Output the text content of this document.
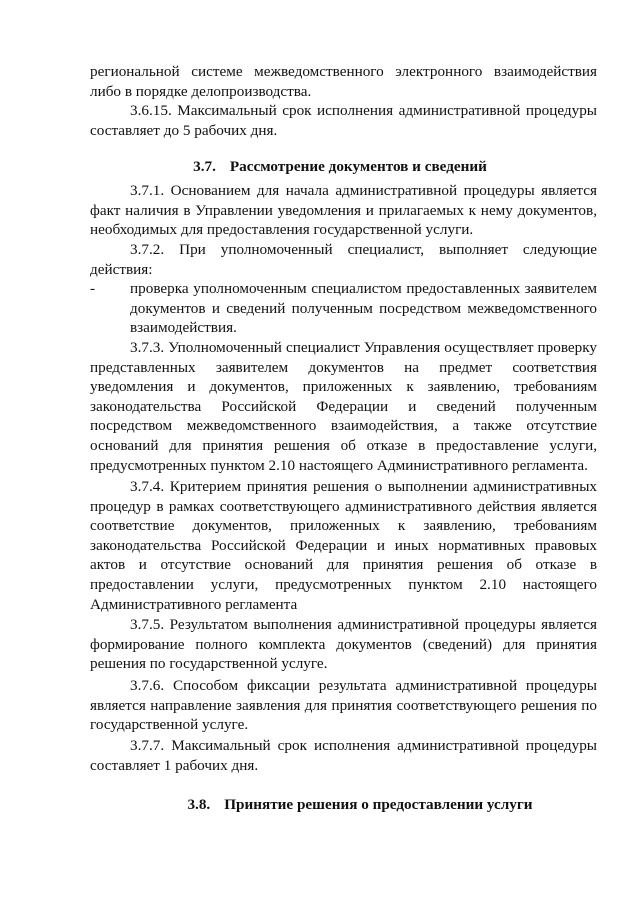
региональной системе межведомственного электронного взаимодействия либо в порядке делопроизводства.

3.6.15. Максимальный срок исполнения административной процедуры составляет до 5 рабочих дня.

3.7. Рассмотрение документов и сведений

3.7.1. Основанием для начала административной процедуры является факт наличия в Управлении уведомления и прилагаемых к нему документов, необходимых для предоставления государственной услуги.

3.7.2. При уполномоченный специалист, выполняет следующие действия:

- проверка уполномоченным специалистом предоставленных заявителем документов и сведений полученным посредством межведомственного взаимодействия.

3.7.3. Уполномоченный специалист Управления осуществляет проверку представленных заявителем документов на предмет соответствия уведомления и документов, приложенных к заявлению, требованиям законодательства Российской Федерации и сведений полученным посредством межведомственного взаимодействия, а также отсутствие оснований для принятия решения об отказе в предоставление услуги, предусмотренных пунктом 2.10 настоящего Административного регламента.

3.7.4. Критерием принятия решения о выполнении административных процедур в рамках соответствующего административного действия является соответствие документов, приложенных к заявлению, требованиям законодательства Российской Федерации и иных нормативных правовых актов и отсутствие оснований для принятия решения об отказе в предоставлении услуги, предусмотренных пунктом 2.10 настоящего Административного регламента

3.7.5. Результатом выполнения административной процедуры является формирование полного комплекта документов (сведений) для принятия решения по государственной услуге.

3.7.6. Способом фиксации результата административной процедуры является направление заявления для принятия соответствующего решения по государственной услуге.

3.7.7. Максимальный срок исполнения административной процедуры составляет 1 рабочих дня.

3.8. Принятие решения о предоставлении услуги
